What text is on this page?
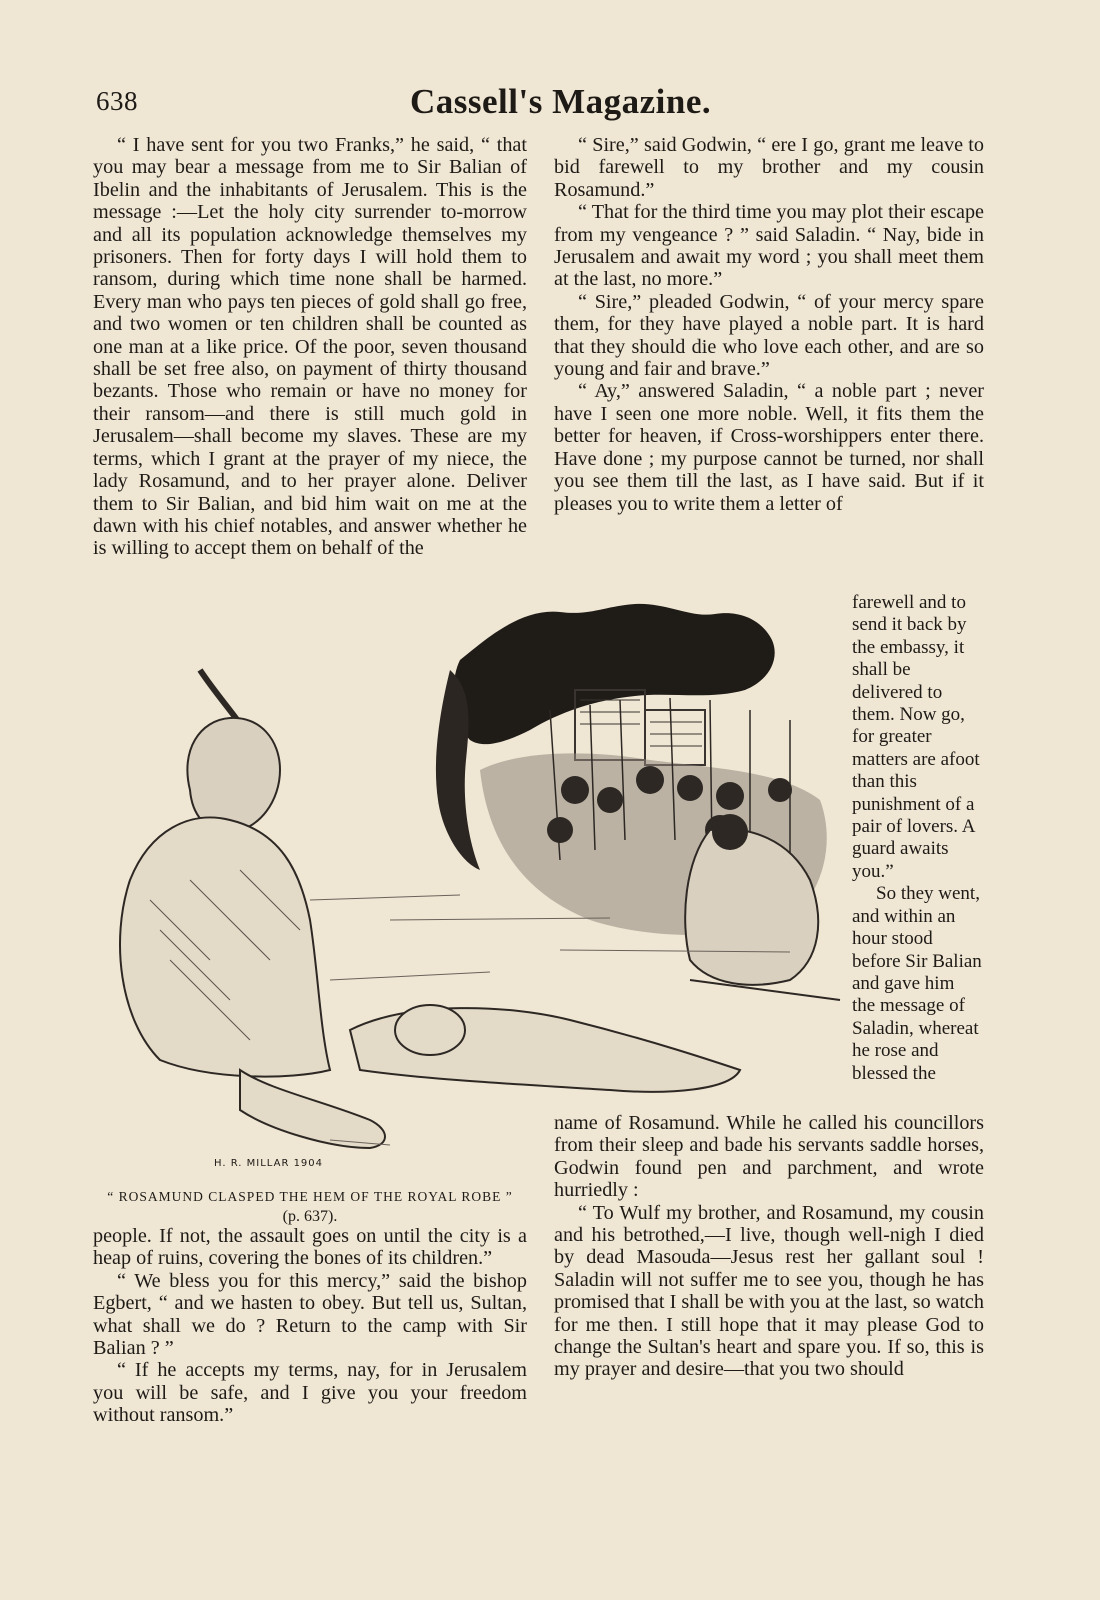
638	Cassell's Magazine.

“ I have sent for you two Franks,” he said, “ that you may bear a message from me to Sir Balian of Ibelin and the inhabitants of Jerusalem. This is the message :—Let the holy city surrender to-morrow and all its population acknowledge themselves my prisoners. Then for forty days I will hold them to ransom, during which time none shall be harmed. Every man who pays ten pieces of gold shall go free, and two women or ten children shall be counted as one man at a like price. Of the poor, seven thousand shall be set free also, on payment of thirty thousand bezants. Those who remain or have no money for their ransom—and there is still much gold in Jerusalem—shall become my slaves. These are my terms, which I grant at the prayer of my niece, the lady Rosamund, and to her prayer alone. Deliver them to Sir Balian, and bid him wait on me at the dawn with his chief notables, and answer whether he is willing to accept them on behalf of the

“ Sire,” said Godwin, “ ere I go, grant me leave to bid farewell to my brother and my cousin Rosamund.”

“ That for the third time you may plot their escape from my vengeance ? ” said Saladin. “ Nay, bide in Jerusalem and await my word ; you shall meet them at the last, no more.”

“ Sire,” pleaded Godwin, “ of your mercy spare them, for they have played a noble part. It is hard that they should die who love each other, and are so young and fair and brave.”

“ Ay,” answered Saladin, “ a noble part ; never have I seen one more noble. Well, it fits them the better for heaven, if Cross-worshippers enter there. Have done ; my purpose cannot be turned, nor shall you see them till the last, as I have said. But if it pleases you to write them a letter of

farewell and to send it back by the embassy, it shall be delivered to them. Now go, for greater matters are afoot than this punishment of a pair of lovers. A guard awaits you.”

So they went, and within an hour stood before Sir Balian and gave him the message of Saladin, whereat he rose and blessed the

name of Rosamund. While he called his councillors from their sleep and bade his servants saddle horses, Godwin found pen and parchment, and wrote hurriedly :

“ To Wulf my brother, and Rosamund, my cousin and his betrothed,—I live, though well-nigh I died by dead Masouda—Jesus rest her gallant soul ! Saladin will not suffer me to see you, though he has promised that I shall be with you at the last, so watch for me then. I still hope that it may please God to change the Sultan's heart and spare you. If so, this is my prayer and desire—that you two should

H. R. MILLAR 1904
“ ROSAMUND CLASPED THE HEM OF THE ROYAL ROBE ”
(p. 637).

people. If not, the assault goes on until the city is a heap of ruins, covering the bones of its children.”

“ We bless you for this mercy,” said the bishop Egbert, “ and we hasten to obey. But tell us, Sultan, what shall we do ? Return to the camp with Sir Balian ? ”

“ If he accepts my terms, nay, for in Jerusalem you will be safe, and I give you your freedom without ransom.”
